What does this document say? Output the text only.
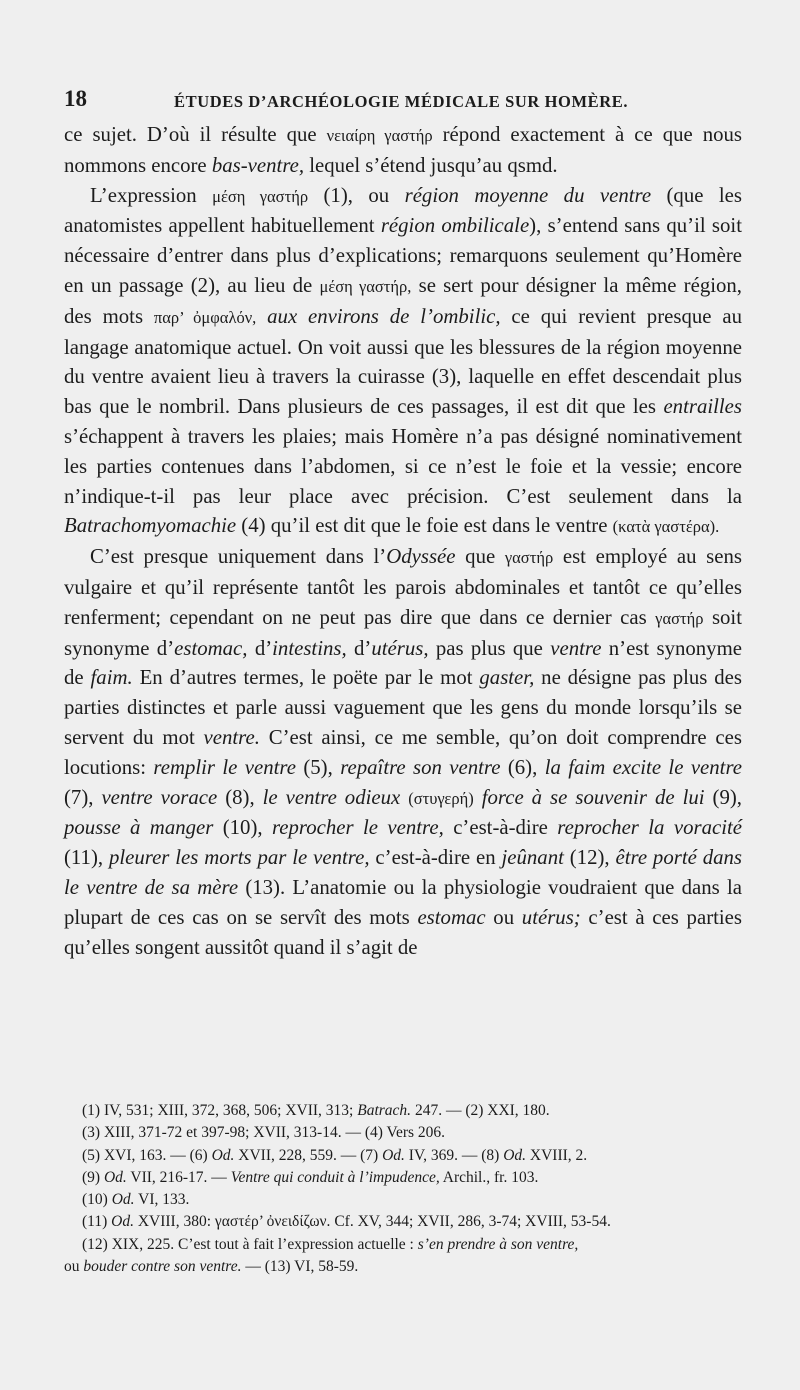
18	ÉTUDES D’ARCHÉOLOGIE MÉDICALE SUR HOMÈRE.

ce sujet. D’où il résulte que νειαίρη γαστήρ répond exactement à ce que nous nommons encore bas-ventre, lequel s’étend jusqu’au qsmd.

L’expression μέση γαστήρ (1), ou région moyenne du ventre (que les anatomistes appellent habituellement région ombilicale), s’entend sans qu’il soit nécessaire d’entrer dans plus d’explications; remarquons seulement qu’Homère en un passage (2), au lieu de μέση γαστήρ, se sert pour désigner la même région, des mots παρ’ ὀμφαλόν, aux environs de l’ombilic, ce qui revient presque au langage anatomique actuel. On voit aussi que les blessures de la région moyenne du ventre avaient lieu à travers la cuirasse (3), laquelle en effet descendait plus bas que le nombril. Dans plusieurs de ces passages, il est dit que les entrailles s’échappent à travers les plaies; mais Homère n’a pas désigné nominativement les parties contenues dans l’abdomen, si ce n’est le foie et la vessie; encore n’indique-t-il pas leur place avec précision. C’est seulement dans la Batrachomyomachie (4) qu’il est dit que le foie est dans le ventre (κατὰ γαστέρα).

C’est presque uniquement dans l’Odyssée que γαστήρ est employé au sens vulgaire et qu’il représente tantôt les parois abdominales et tantôt ce qu’elles renferment; cependant on ne peut pas dire que dans ce dernier cas γαστήρ soit synonyme d’estomac, d’intestins, d’utérus, pas plus que ventre n’est synonyme de faim. En d’autres termes, le poëte par le mot gaster, ne désigne pas plus des parties distinctes et parle aussi vaguement que les gens du monde lorsqu’ils se servent du mot ventre. C’est ainsi, ce me semble, qu’on doit comprendre ces locutions: remplir le ventre (5), repaître son ventre (6), la faim excite le ventre (7), ventre vorace (8), le ventre odieux (στυγερή) force à se souvenir de lui (9), pousse à manger (10), reprocher le ventre, c’est-à-dire reprocher la voracité (11), pleurer les morts par le ventre, c’est-à-dire en jeûnant (12), être porté dans le ventre de sa mère (13). L’anatomie ou la physiologie voudraient que dans la plupart de ces cas on se servît des mots estomac ou utérus; c’est à ces parties qu’elles songent aussitôt quand il s’agit de

(1) IV, 531; XIII, 372, 368, 506; XVII, 313; Batrach. 247. — (2) XXI, 180.

(3) XIII, 371-72 et 397-98; XVII, 313-14. — (4) Vers 206.

(5) XVI, 163. — (6) Od. XVII, 228, 559. — (7) Od. IV, 369. — (8) Od. XVIII, 2.

(9) Od. VII, 216-17. — Ventre qui conduit à l’impudence, Archil., fr. 103.

(10) Od. VI, 133.

(11) Od. XVIII, 380: γαστέρ’ ὀνειδίζων. Cf. XV, 344; XVII, 286, 3-74; XVIII, 53-54.

(12) XIX, 225. C’est tout à fait l’expression actuelle : s’en prendre à son ventre,

ou bouder contre son ventre. — (13) VI, 58-59.
